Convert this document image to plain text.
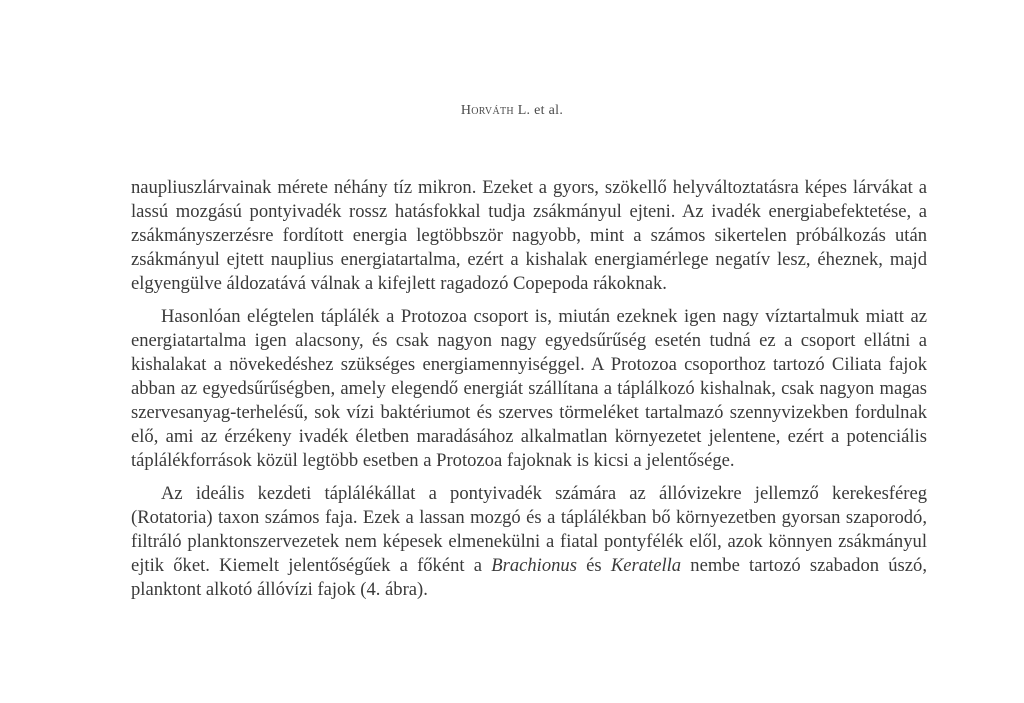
Horváth L. et al.

naupliuszlárvainak mérete néhány tíz mikron. Ezeket a gyors, szökellő helyváltoztatásra képes lárvákat a lassú mozgású pontyivadék rossz hatásfokkal tudja zsákmányul ejteni. Az ivadék energiabefektetése, a zsákmányszerzésre fordított energia legtöbbször nagyobb, mint a számos sikertelen próbálkozás után zsákmányul ejtett nauplius energiatartalma, ezért a kishalak energiamérlege negatív lesz, éheznek, majd elgyengülve áldozatává válnak a kifejlett ragadozó Copepoda rákoknak.

Hasonlóan elégtelen táplálék a Protozoa csoport is, miután ezeknek igen nagy víztartalmuk miatt az energiatartalma igen alacsony, és csak nagyon nagy egyedsűrűség esetén tudná ez a csoport ellátni a kishalakat a növekedéshez szükséges energiamennyiséggel. A Protozoa csoporthoz tartozó Ciliata fajok abban az egyedsűrűségben, amely elegendő energiát szállítana a táplálkozó kishalnak, csak nagyon magas szervesanyag-terhelésű, sok vízi baktériumot és szerves törmeléket tartalmazó szennyvizekben fordulnak elő, ami az érzékeny ivadék életben maradásához alkalmatlan környezetet jelentene, ezért a potenciális táplálékforrások közül legtöbb esetben a Protozoa fajoknak is kicsi a jelentősége.

Az ideális kezdeti táplálékállat a pontyivadék számára az állóvizekre jellemző kerekesféreg (Rotatoria) taxon számos faja. Ezek a lassan mozgó és a táplálékban bő környezetben gyorsan szaporodó, filtráló planktonszervezetek nem képesek elmenekülni a fiatal pontyfélék elől, azok könnyen zsákmányul ejtik őket. Kiemelt jelentőségűek a főként a Brachionus és Keratella nembe tartozó szabadon úszó, planktont alkotó állóvízi fajok (4. ábra).
